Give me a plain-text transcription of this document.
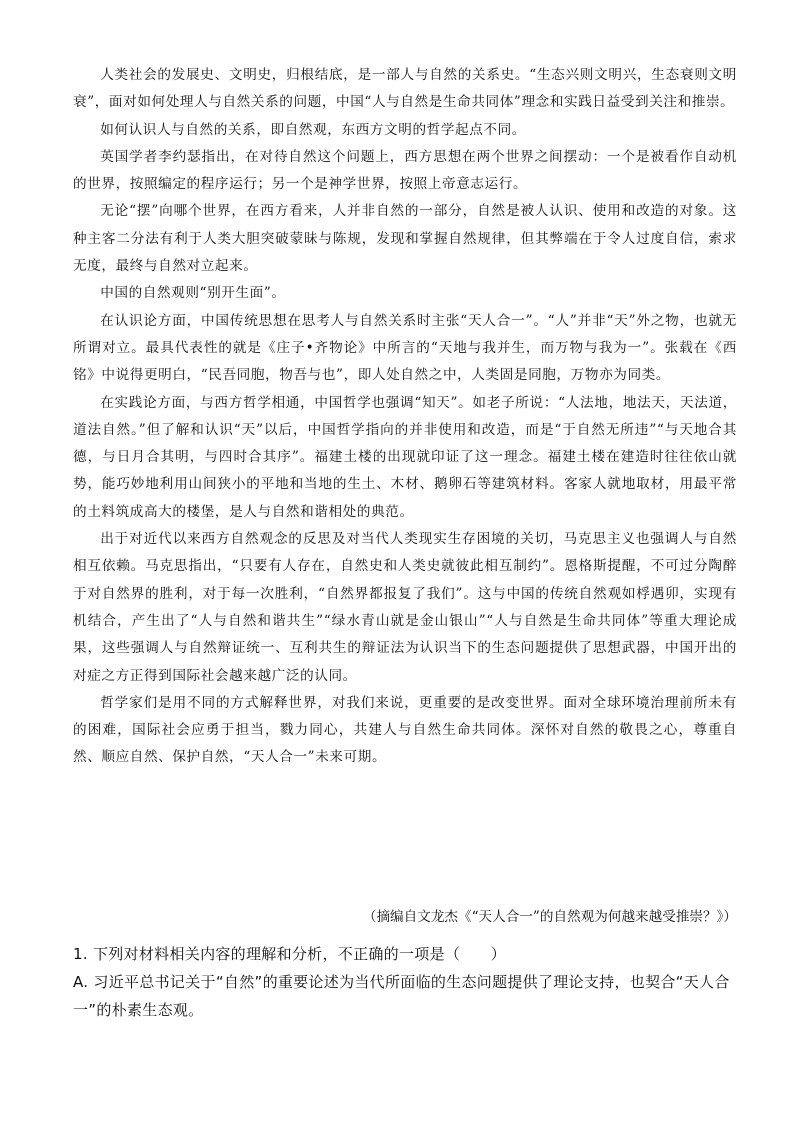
人类社会的发展史、文明史，归根结底，是一部人与自然的关系史。“生态兴则文明兴，生态衰则文明衰”，面对如何处理人与自然关系的问题，中国“人与自然是生命共同体”理念和实践日益受到关注和推崇。

如何认识人与自然的关系，即自然观，东西方文明的哲学起点不同。

英国学者李约瑟指出，在对待自然这个问题上，西方思想在两个世界之间摆动：一个是被看作自动机的世界，按照编定的程序运行；另一个是神学世界，按照上帝意志运行。

无论“摆”向哪个世界，在西方看来，人并非自然的一部分，自然是被人认识、使用和改造的对象。这种主客二分法有利于人类大胆突破蒙昧与陈规，发现和掌握自然规律，但其弊端在于令人过度自信，索求无度，最终与自然对立起来。

中国的自然观则“别开生面”。

在认识论方面，中国传统思想在思考人与自然关系时主张“天人合一”。“人”并非“天”外之物，也就无所谓对立。最具代表性的就是《庄子•齐物论》中所言的“天地与我并生，而万物与我为一”。张载在《西铭》中说得更明白，“民吾同胞，物吾与也”，即人处自然之中，人类固是同胞，万物亦为同类。

在实践论方面，与西方哲学相通，中国哲学也强调“知天”。如老子所说：“人法地，地法天，天法道，道法自然。”但了解和认识“天”以后，中国哲学指向的并非使用和改造，而是“于自然无所违”“与天地合其德，与日月合其明，与四时合其序”。福建土楼的出现就印证了这一理念。福建土楼在建造时往往依山就势，能巧妙地利用山间狭小的平地和当地的生土、木材、鹅卵石等建筑材料。客家人就地取材，用最平常的土料筑成高大的楼堡，是人与自然和谐相处的典范。

出于对近代以来西方自然观念的反思及对当代人类现实生存困境的关切，马克思主义也强调人与自然相互依赖。马克思指出，“只要有人存在，自然史和人类史就彼此相互制约”。恩格斯提醒，不可过分陶醉于对自然界的胜利，对于每一次胜利，“自然界都报复了我们”。这与中国的传统自然观如桴遇卯，实现有机结合，产生出了“人与自然和谐共生”“绿水青山就是金山银山”“人与自然是生命共同体”等重大理论成果，这些强调人与自然辩证统一、互利共生的辩证法为认识当下的生态问题提供了思想武器，中国开出的对症之方正得到国际社会越来越广泛的认同。

哲学家们是用不同的方式解释世界，对我们来说，更重要的是改变世界。面对全球环境治理前所未有的困难，国际社会应勇于担当，戮力同心，共建人与自然生命共同体。深怀对自然的敬畏之心，尊重自然、顺应自然、保护自然，“天人合一”未来可期。

（摘编自文龙杰《“天人合一”的自然观为何越来越受推崇？》）

1. 下列对材料相关内容的理解和分析，不正确的一项是（　　）

A. 习近平总书记关于“自然”的重要论述为当代所面临的生态问题提供了理论支持，也契合“天人合一”的朴素生态观。
